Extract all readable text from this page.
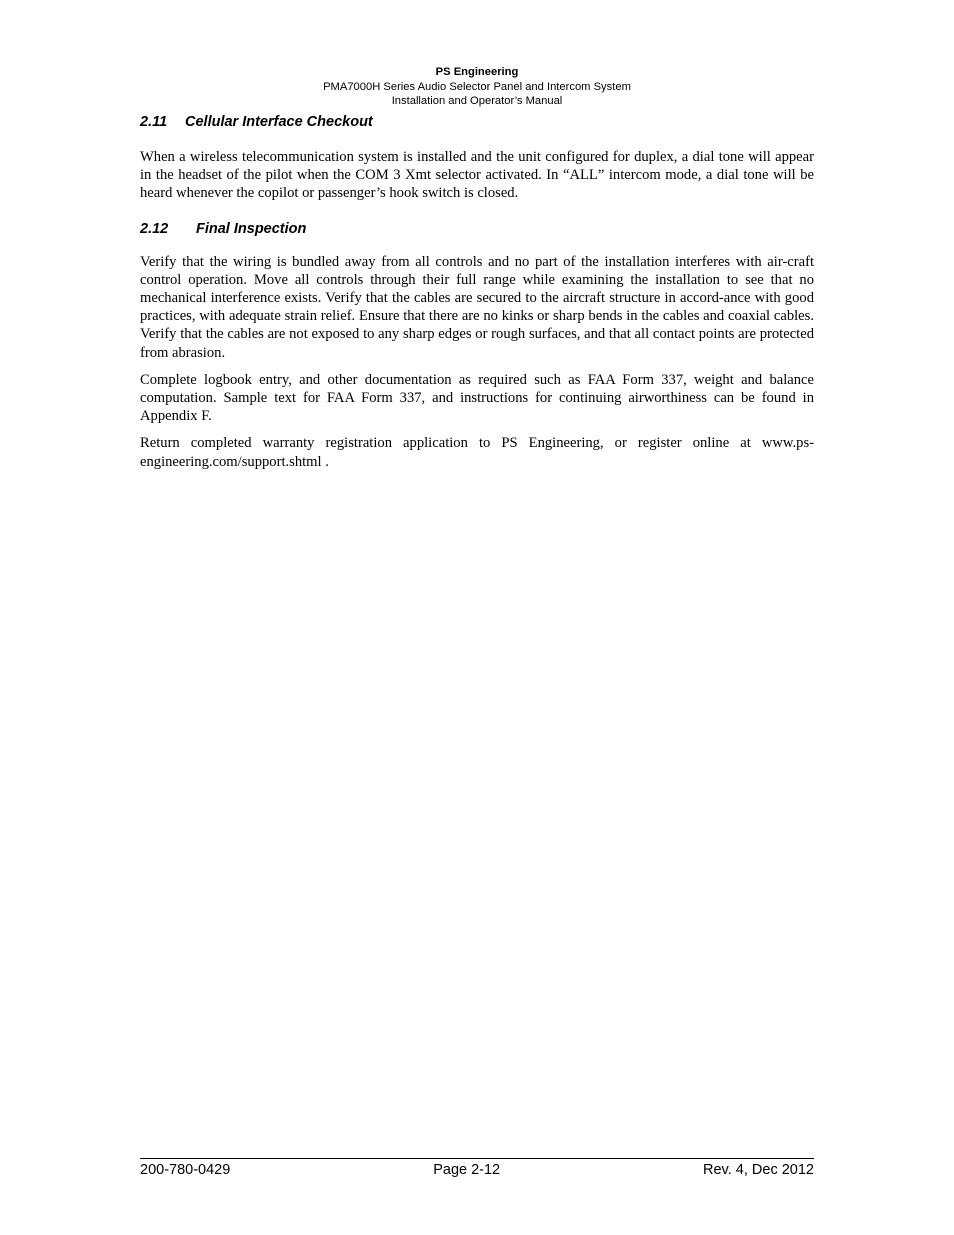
PS Engineering
PMA7000H Series Audio Selector Panel and Intercom System
Installation and Operator’s Manual
2.11 Cellular Interface Checkout

When a wireless telecommunication system is installed and the unit configured for duplex, a dial tone will appear in the headset of the pilot when the COM 3 Xmt selector activated. In “ALL” intercom mode, a dial tone will be heard whenever the copilot or passenger’s hook switch is closed.

2.12 Final Inspection

Verify that the wiring is bundled away from all controls and no part of the installation interferes with air-craft control operation. Move all controls through their full range while examining the installation to see that no mechanical interference exists. Verify that the cables are secured to the aircraft structure in accord-ance with good practices, with adequate strain relief. Ensure that there are no kinks or sharp bends in the cables and coaxial cables. Verify that the cables are not exposed to any sharp edges or rough surfaces, and that all contact points are protected from abrasion.

Complete logbook entry, and other documentation as required such as FAA Form 337, weight and balance computation. Sample text for FAA Form 337, and instructions for continuing airworthiness can be found in Appendix F.

Return completed warranty registration application to PS Engineering, or register online at www.ps-engineering.com/support.shtml .

200-780-0429	Page 2-12	Rev. 4, Dec 2012
